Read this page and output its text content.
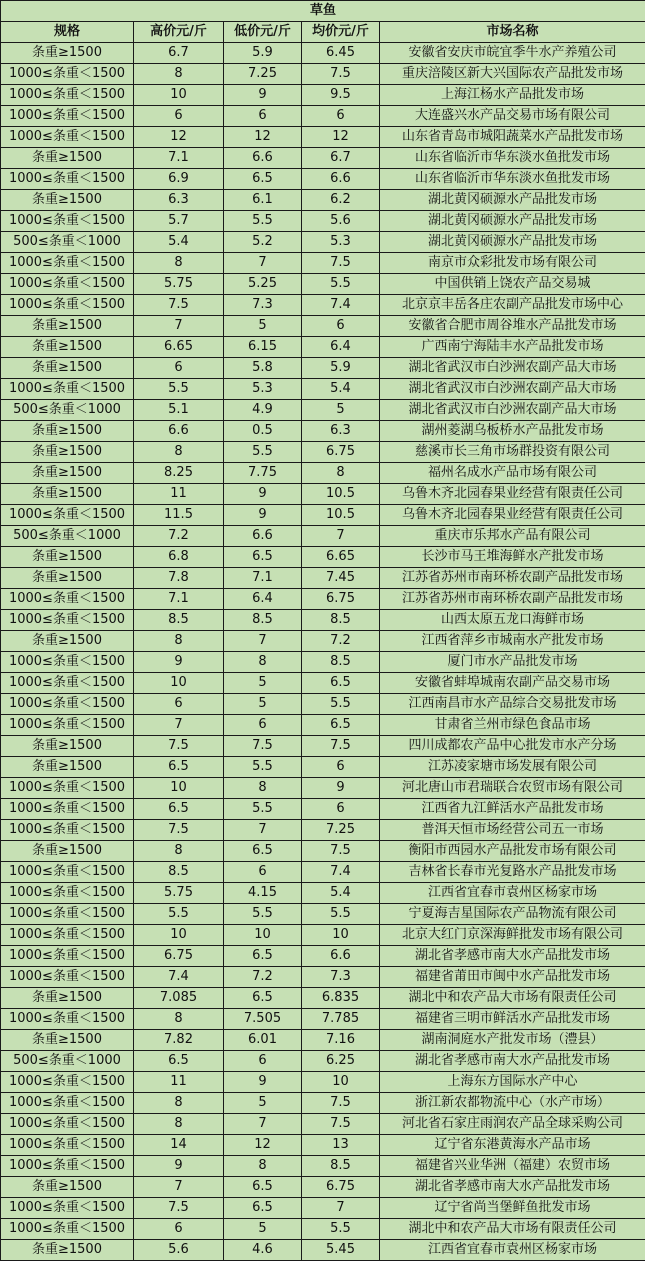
草鱼				
规格	高价元/斤	低价元/斤	均价元/斤	市场名称
条重≥1500	6.7	5.9	6.45	安徽省安庆市皖宜季牛水产养殖公司
1000≤条重＜1500	8	7.25	7.5	重庆涪陵区新大兴国际农产品批发市场
1000≤条重＜1500	10	9	9.5	上海江杨水产品批发市场
1000≤条重＜1500	6	6	6	大连盛兴水产品交易市场有限公司
1000≤条重＜1500	12	12	12	山东省青岛市城阳蔬菜水产品批发市场
条重≥1500	7.1	6.6	6.7	山东省临沂市华东淡水鱼批发市场
1000≤条重＜1500	6.9	6.5	6.6	山东省临沂市华东淡水鱼批发市场
条重≥1500	6.3	6.1	6.2	湖北黄冈硕源水产品批发市场
1000≤条重＜1500	5.7	5.5	5.6	湖北黄冈硕源水产品批发市场
500≤条重＜1000	5.4	5.2	5.3	湖北黄冈硕源水产品批发市场
1000≤条重＜1500	8	7	7.5	南京市众彩批发市场有限公司
1000≤条重＜1500	5.75	5.25	5.5	中国供销上饶农产品交易城
1000≤条重＜1500	7.5	7.3	7.4	北京京丰岳各庄农副产品批发市场中心
条重≥1500	7	5	6	安徽省合肥市周谷堆水产品批发市场
条重≥1500	6.65	6.15	6.4	广西南宁海陆丰水产品批发市场
条重≥1500	6	5.8	5.9	湖北省武汉市白沙洲农副产品大市场
1000≤条重＜1500	5.5	5.3	5.4	湖北省武汉市白沙洲农副产品大市场
500≤条重＜1000	5.1	4.9	5	湖北省武汉市白沙洲农副产品大市场
条重≥1500	6.6	0.5	6.3	湖州菱湖乌板桥水产品批发市场
条重≥1500	8	5.5	6.75	慈溪市长三角市场群投资有限公司
条重≥1500	8.25	7.75	8	福州名成水产品市场有限公司
条重≥1500	11	9	10.5	乌鲁木齐北园春果业经营有限责任公司
1000≤条重＜1500	11.5	9	10.5	乌鲁木齐北园春果业经营有限责任公司
500≤条重＜1000	7.2	6.6	7	重庆市乐邦水产品有限公司
条重≥1500	6.8	6.5	6.65	长沙市马王堆海鲜水产批发市场
条重≥1500	7.8	7.1	7.45	江苏省苏州市南环桥农副产品批发市场
1000≤条重＜1500	7.1	6.4	6.75	江苏省苏州市南环桥农副产品批发市场
1000≤条重＜1500	8.5	8.5	8.5	山西太原五龙口海鲜市场
条重≥1500	8	7	7.2	江西省萍乡市城南水产批发市场
1000≤条重＜1500	9	8	8.5	厦门市水产品批发市场
1000≤条重＜1500	10	5	6.5	安徽省蚌埠城南农副产品交易市场
1000≤条重＜1500	6	5	5.5	江西南昌市水产品综合交易批发市场
1000≤条重＜1500	7	6	6.5	甘肃省兰州市绿色食品市场
条重≥1500	7.5	7.5	7.5	四川成都农产品中心批发市水产分场
条重≥1500	6.5	5.5	6	江苏凌家塘市场发展有限公司
1000≤条重＜1500	10	8	9	河北唐山市君瑞联合农贸市场有限公司
1000≤条重＜1500	6.5	5.5	6	江西省九江鲜活水产品批发市场
1000≤条重＜1500	7.5	7	7.25	普洱天恒市场经营公司五一市场
条重≥1500	8	6.5	7.5	衡阳市西园水产品批发市场有限公司
1000≤条重＜1500	8.5	6	7.4	吉林省长春市光复路水产品批发市场
1000≤条重＜1500	5.75	4.15	5.4	江西省宜春市袁州区杨家市场
1000≤条重＜1500	5.5	5.5	5.5	宁夏海吉星国际农产品物流有限公司
1000≤条重＜1500	10	10	10	北京大红门京深海鲜批发市场有限公司
1000≤条重＜1500	6.75	6.5	6.6	湖北省孝感市南大水产品批发市场
1000≤条重＜1500	7.4	7.2	7.3	福建省莆田市闽中水产品批发市场
条重≥1500	7.085	6.5	6.835	湖北中和农产品大市场有限责任公司
1000≤条重＜1500	8	7.505	7.785	福建省三明市鲜活水产品批发市场
条重≥1500	7.82	6.01	7.16	湖南洞庭水产批发市场（澧县）
500≤条重＜1000	6.5	6	6.25	湖北省孝感市南大水产品批发市场
1000≤条重＜1500	11	9	10	上海东方国际水产中心
1000≤条重＜1500	8	5	7.5	浙江新农都物流中心（水产市场）
1000≤条重＜1500	8	7	7.5	河北省石家庄雨润农产品全球采购公司
1000≤条重＜1500	14	12	13	辽宁省东港黄海水产品市场
1000≤条重＜1500	9	8	8.5	福建省兴业华洲（福建）农贸市场
条重≥1500	7	6.5	6.75	湖北省孝感市南大水产品批发市场
1000≤条重＜1500	7.5	6.5	7	辽宁省尚当堡鲜鱼批发市场
1000≤条重＜1500	6	5	5.5	湖北中和农产品大市场有限责任公司
条重≥1500	5.6	4.6	5.45	江西省宜春市袁州区杨家市场
